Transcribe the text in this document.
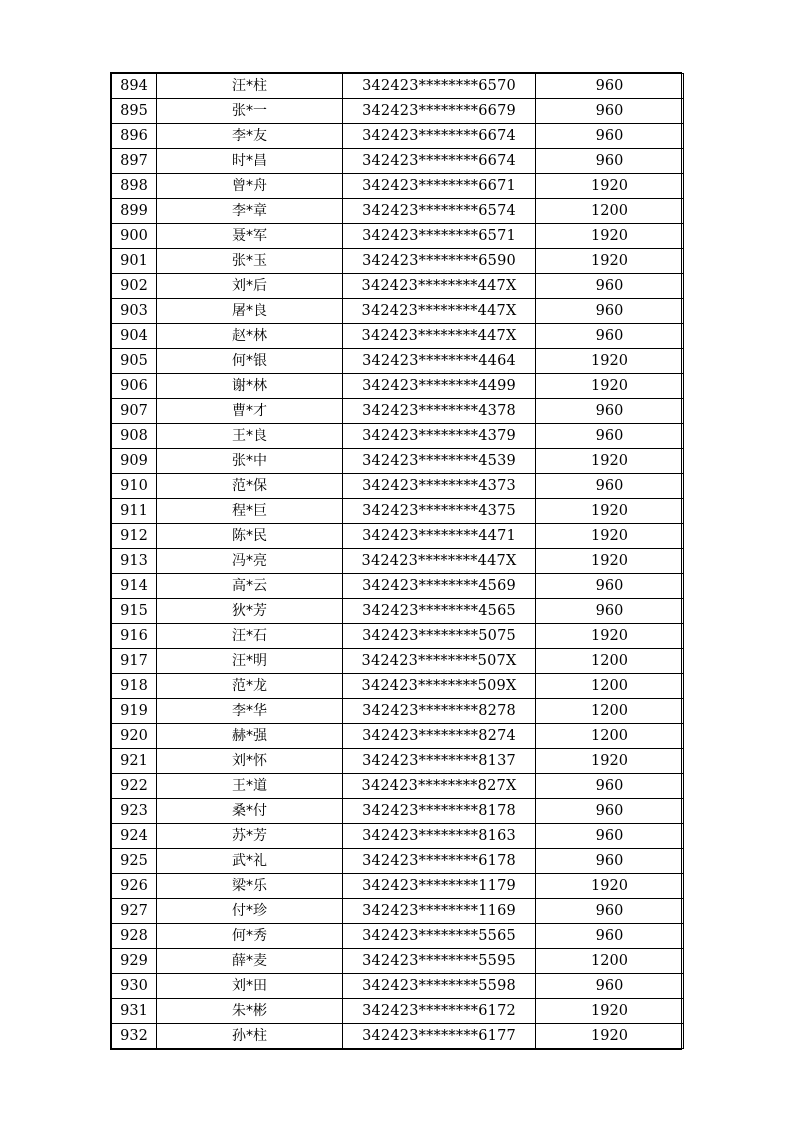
894	汪*柱	342423********6570	960
895	张*一	342423********6679	960
896	李*友	342423********6674	960
897	时*昌	342423********6674	960
898	曾*舟	342423********6671	1920
899	李*章	342423********6574	1200
900	聂*军	342423********6571	1920
901	张*玉	342423********6590	1920
902	刘*后	342423********447X	960
903	屠*良	342423********447X	960
904	赵*林	342423********447X	960
905	何*银	342423********4464	1920
906	谢*林	342423********4499	1920
907	曹*才	342423********4378	960
908	王*良	342423********4379	960
909	张*中	342423********4539	1920
910	范*保	342423********4373	960
911	程*巨	342423********4375	1920
912	陈*民	342423********4471	1920
913	冯*亮	342423********447X	1920
914	高*云	342423********4569	960
915	狄*芳	342423********4565	960
916	汪*石	342423********5075	1920
917	汪*明	342423********507X	1200
918	范*龙	342423********509X	1200
919	李*华	342423********8278	1200
920	赫*强	342423********8274	1200
921	刘*怀	342423********8137	1920
922	王*道	342423********827X	960
923	桑*付	342423********8178	960
924	苏*芳	342423********8163	960
925	武*礼	342423********6178	960
926	梁*乐	342423********1179	1920
927	付*珍	342423********1169	960
928	何*秀	342423********5565	960
929	薛*麦	342423********5595	1200
930	刘*田	342423********5598	960
931	朱*彬	342423********6172	1920
932	孙*柱	342423********6177	1920
